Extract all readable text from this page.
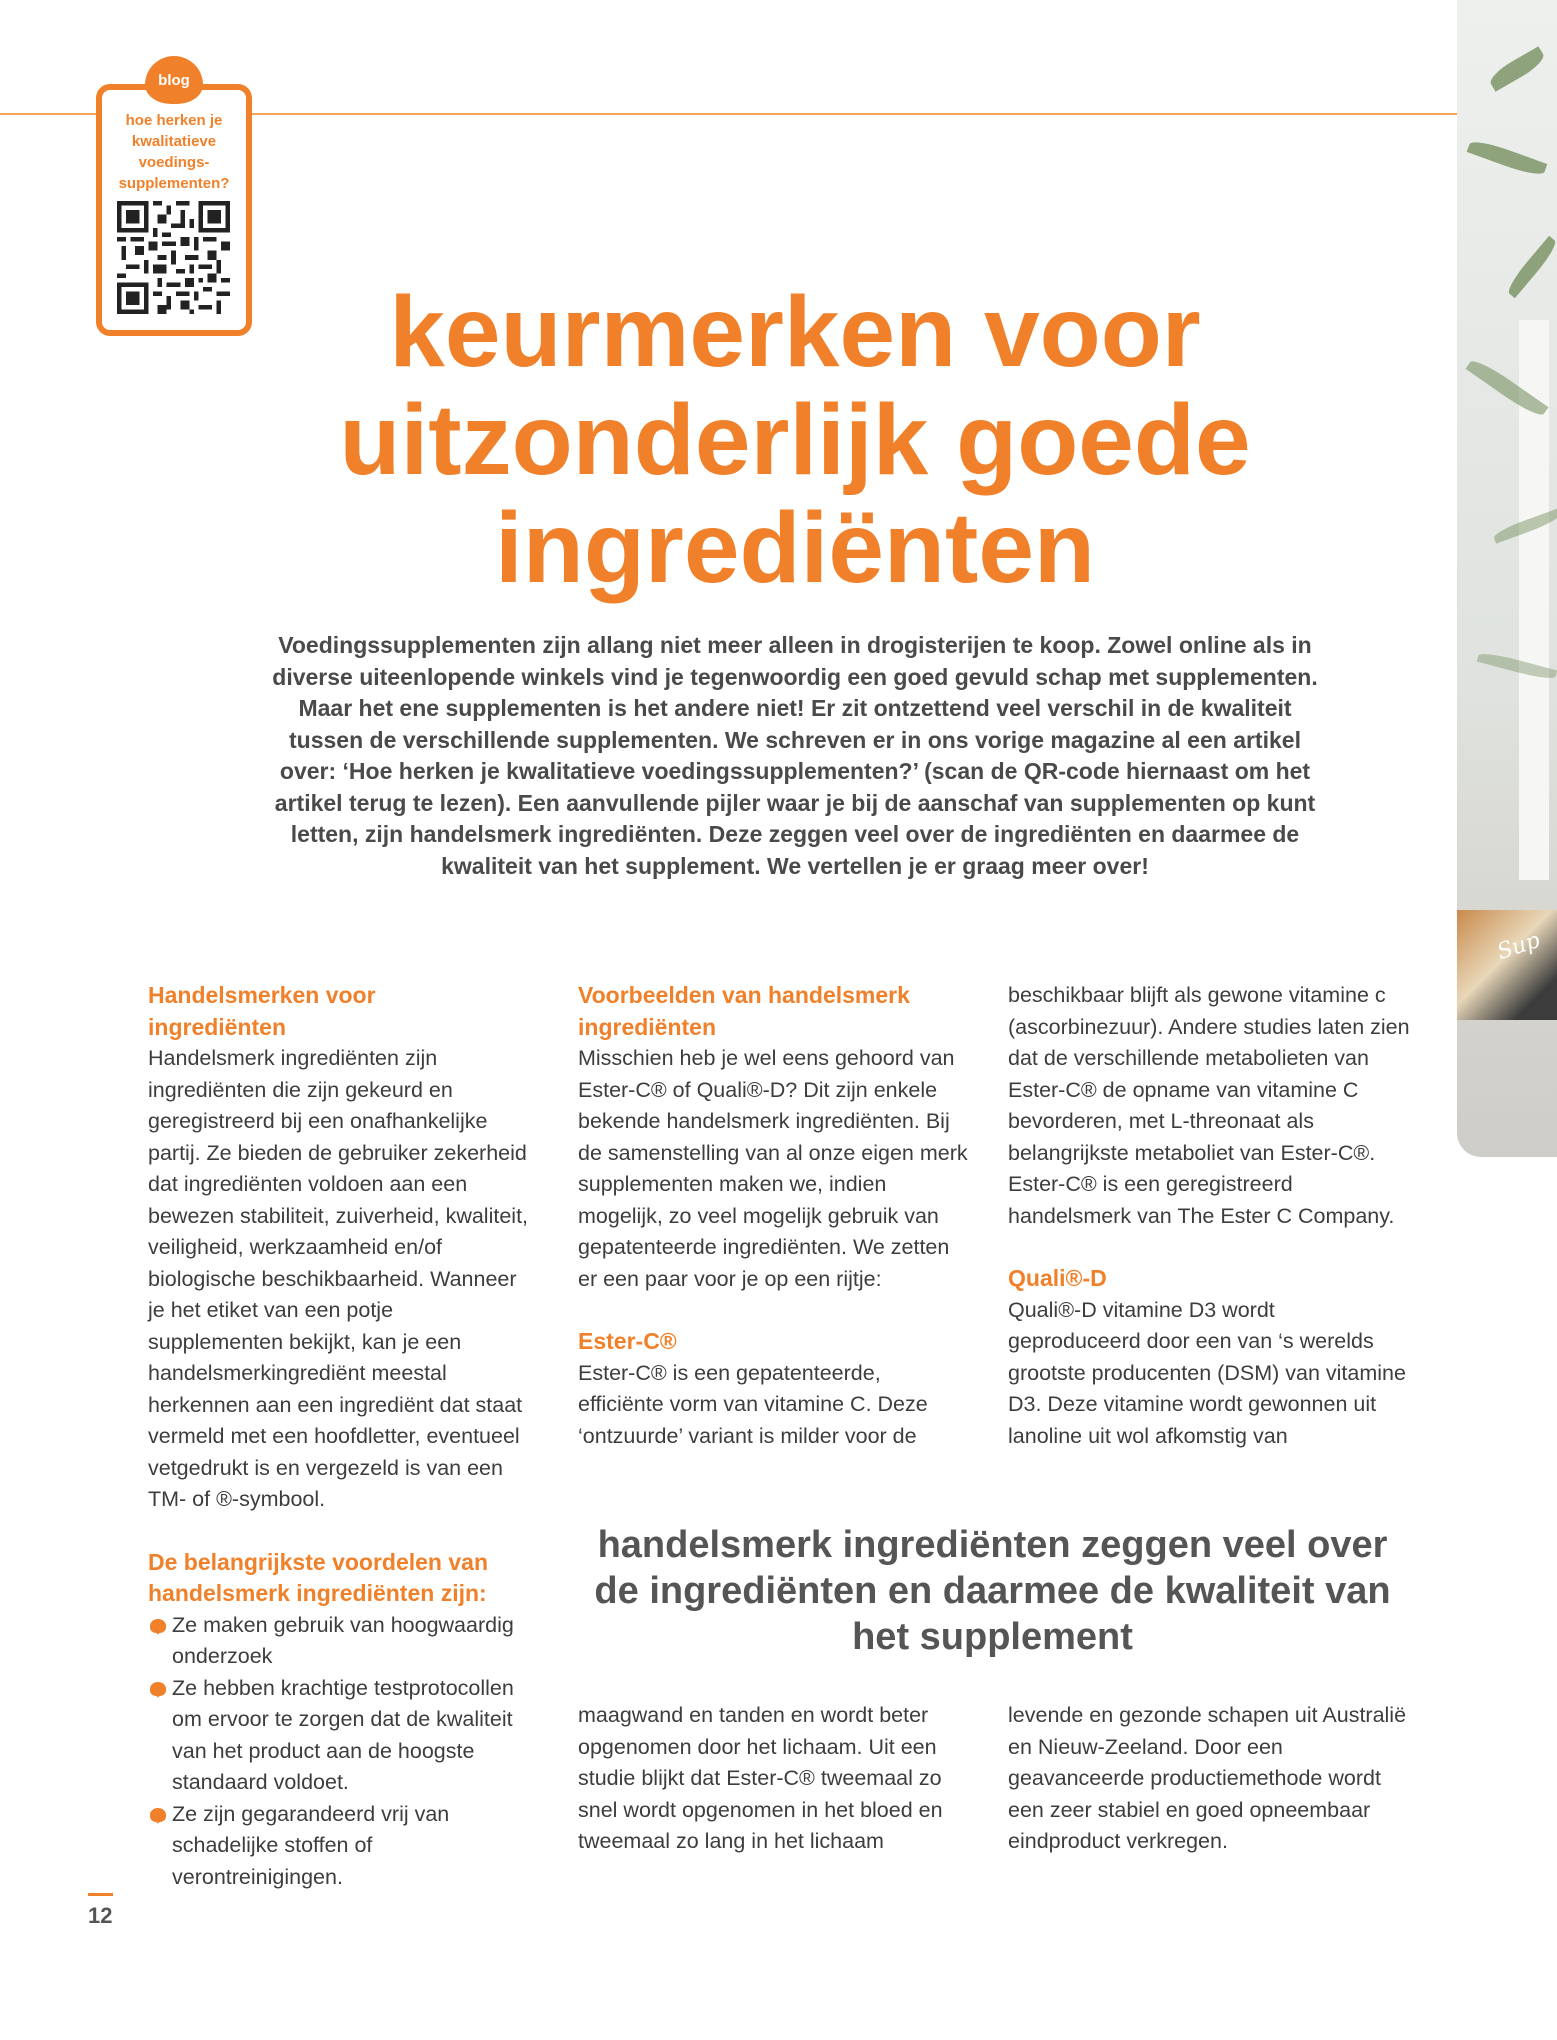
Sup
blog
hoe herken je kwalitatieve voedings- supplementen?
keurmerken voor uitzonderlijk goede ingrediënten
Voedingssupplementen zijn allang niet meer alleen in drogisterijen te koop. Zowel online als in diverse uiteenlopende winkels vind je tegenwoordig een goed gevuld schap met supplementen. Maar het ene supplementen is het andere niet! Er zit ontzettend veel verschil in de kwaliteit tussen de verschillende supplementen. We schreven er in ons vorige magazine al een artikel over: ‘Hoe herken je kwalitatieve voedingssupplementen?’ (scan de QR-code hiernaast om het artikel terug te lezen). Een aanvullende pijler waar je bij de aanschaf van supplementen op kunt letten, zijn handelsmerk ingrediënten. Deze zeggen veel over de ingrediënten en daarmee de kwaliteit van het supplement. We vertellen je er graag meer over!

Handelsmerken voor ingrediënten

Handelsmerk ingrediënten zijn ingrediënten die zijn gekeurd en geregistreerd bij een onafhankelijke partij. Ze bieden de gebruiker zekerheid dat ingrediënten voldoen aan een bewezen stabiliteit, zuiverheid, kwaliteit, veiligheid, werkzaamheid en/of biologische beschikbaarheid. Wanneer je het etiket van een potje supplementen bekijkt, kan je een handelsmerkingrediënt meestal herkennen aan een ingrediënt dat staat vermeld met een hoofdletter, eventueel vetgedrukt is en vergezeld is van een TM- of ®-symbool.

De belangrijkste voordelen van handelsmerk ingrediënten zijn:

Ze maken gebruik van hoogwaardig onderzoek
Ze hebben krachtige testprotocollen om ervoor te zorgen dat de kwaliteit van het product aan de hoogste standaard voldoet.
Ze zijn gegarandeerd vrij van schadelijke stoffen of verontreinigingen.

Voorbeelden van handelsmerk ingrediënten

Misschien heb je wel eens gehoord van Ester-C® of Quali®-D? Dit zijn enkele bekende handelsmerk ingrediënten. Bij de samenstelling van al onze eigen merk supplementen maken we, indien mogelijk, zo veel mogelijk gebruik van gepatenteerde ingrediënten. We zetten er een paar voor je op een rijtje:

Ester-C®

Ester-C® is een gepatenteerde, efficiënte vorm van vitamine C. Deze ‘ontzuurde’ variant is milder voor de

beschikbaar blijft als gewone vitamine c (ascorbinezuur). Andere studies laten zien dat de verschillende metabolieten van Ester-C® de opname van vitamine C bevorderen, met L-threonaat als belangrijkste metaboliet van Ester-C®. Ester-C® is een geregistreerd handelsmerk van The Ester C Company.

Quali®-D

Quali®-D vitamine D3 wordt geproduceerd door een van ‘s werelds grootste producenten (DSM) van vitamine D3. Deze vitamine wordt gewonnen uit lanoline uit wol afkomstig van

handelsmerk ingrediënten zeggen veel over de ingrediënten en daarmee de kwaliteit van het supplement

maagwand en tanden en wordt beter opgenomen door het lichaam. Uit een studie blijkt dat Ester-C® tweemaal zo snel wordt opgenomen in het bloed en tweemaal zo lang in het lichaam

levende en gezonde schapen uit Australië en Nieuw-Zeeland. Door een geavanceerde productiemethode wordt een zeer stabiel en goed opneembaar eindproduct verkregen.

12
